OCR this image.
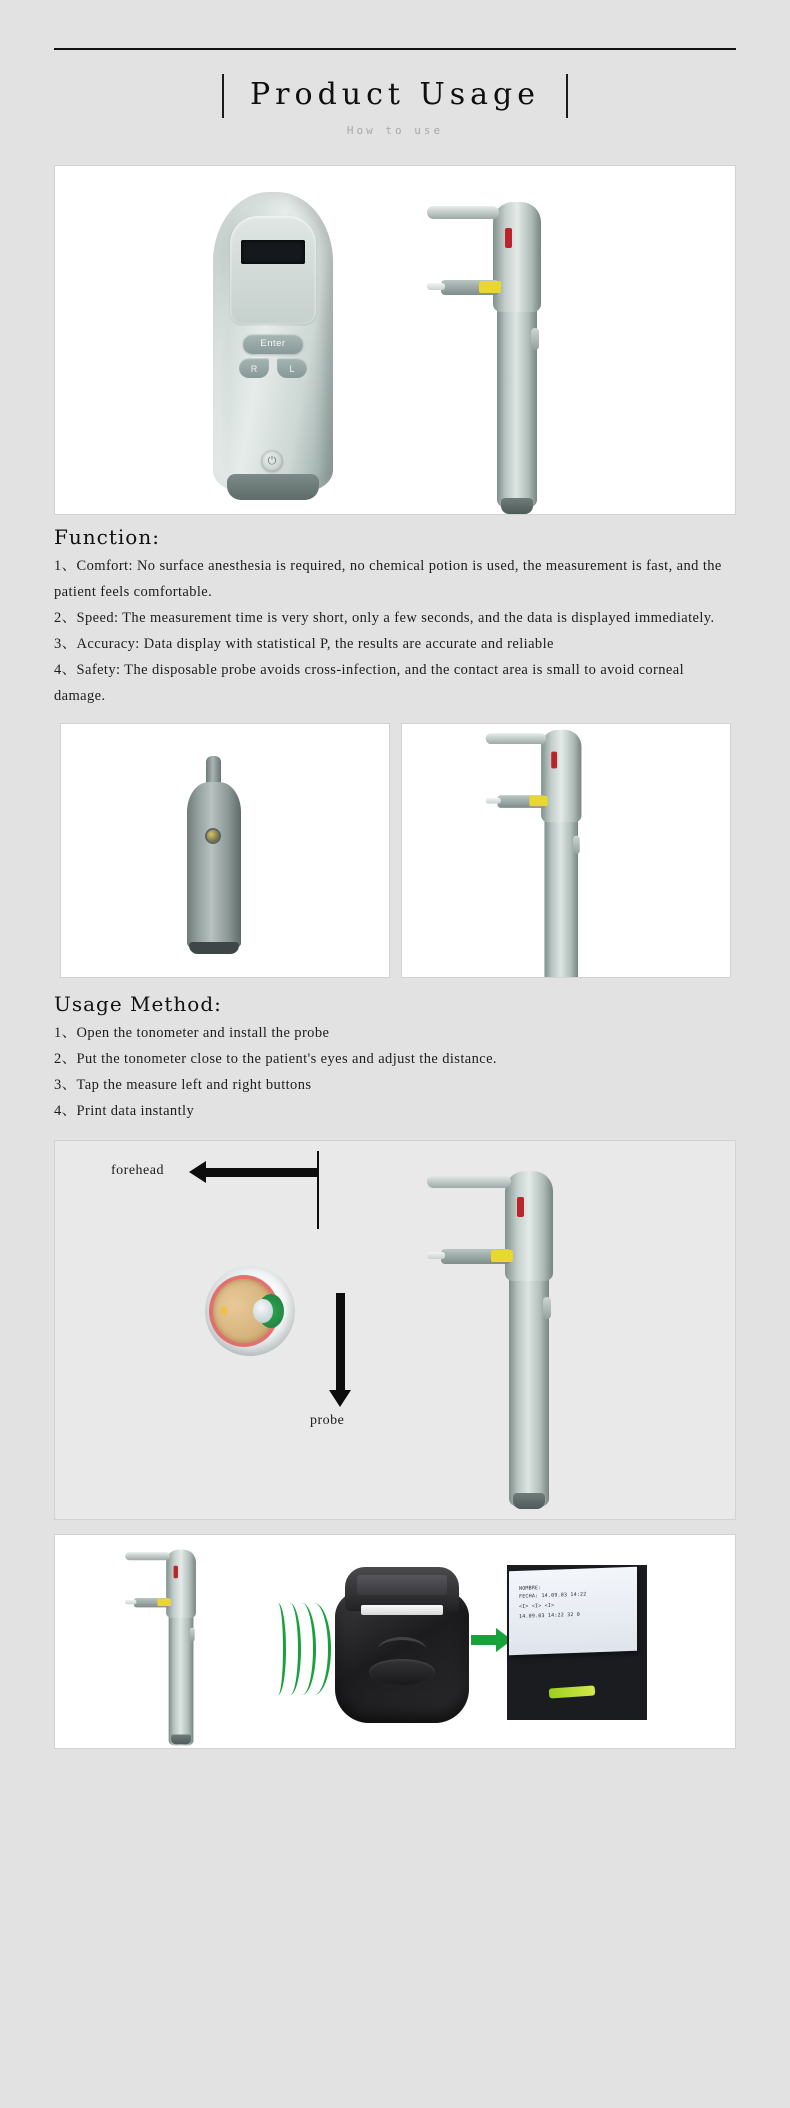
Product Usage
How to use
Enter
R	L
⏻
Function:
1、Comfort: No surface anesthesia is required, no chemical potion is used, the measurement is fast, and the patient feels comfortable.
2、Speed: The measurement time is very short, only a few seconds, and the data is displayed immediately.
3、Accuracy: Data display with statistical P, the results are accurate and reliable
4、Safety: The disposable probe avoids cross-infection, and the contact area is small to avoid corneal damage.
Usage Method:
1、Open the tonometer and install the probe
2、Put the tonometer close to the patient's eyes and adjust the distance.
3、Tap the measure left and right buttons
4、Print data instantly
forehead
probe
NOMBRE:
FECHA: 14.09.03 14:22
<I> <I> <I>
14.09.03 14:22 32 0
